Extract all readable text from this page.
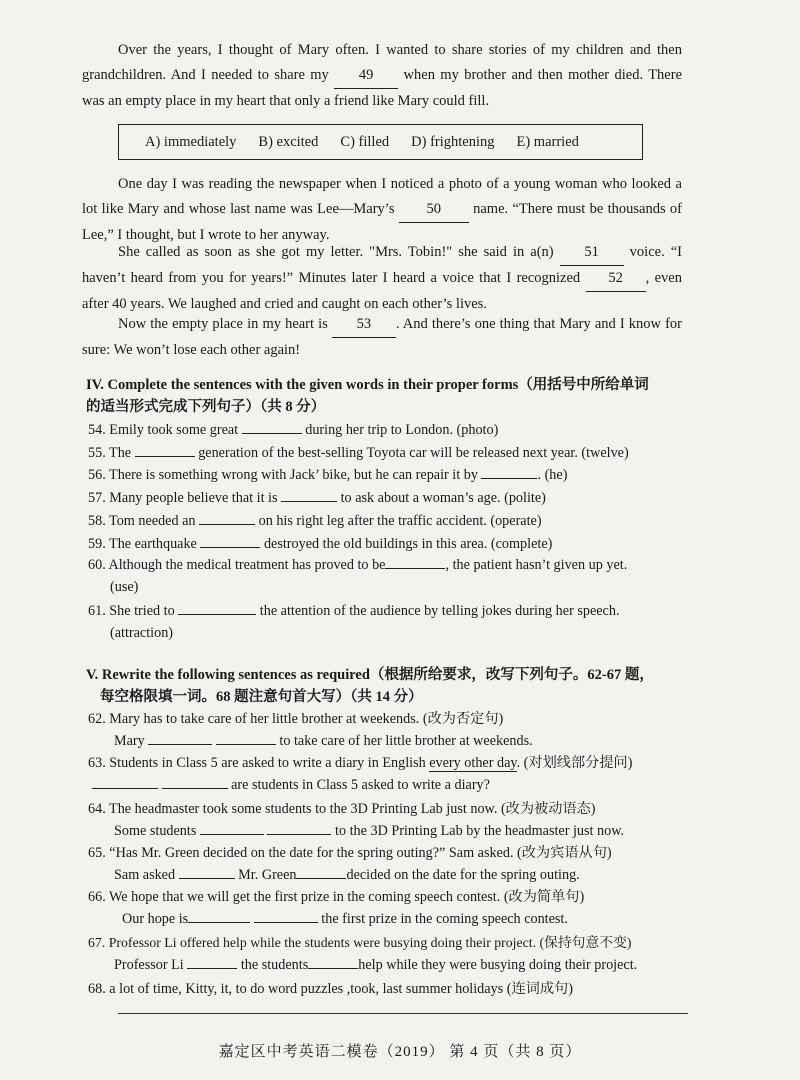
Over the years, I thought of Mary often. I wanted to share stories of my children and then grandchildren. And I needed to share my 49 when my brother and then mother died. There was an empty place in my heart that only a friend like Mary could fill.
A) immediately B) excited C) filled D) frightening E) married
One day I was reading the newspaper when I noticed a photo of a young woman who looked a lot like Mary and whose last name was Lee—Mary’s 50 name. “There must be thousands of Lee,” I thought, but I wrote to her anyway.
She called as soon as she got my letter. "Mrs. Tobin!" she said in a(n) 51 voice. “I haven’t heard from you for years!” Minutes later I heard a voice that I recognized 52 , even after 40 years. We laughed and cried and caught on each other’s lives.
Now the empty place in my heart is 53 . And there’s one thing that Mary and I know for sure: We won’t lose each other again!
IV. Complete the sentences with the given words in their proper forms（用括号中所给单词
的适当形式完成下列句子）（共 8 分）
54. Emily took some great	during her trip to London. (photo)
55. The	generation of the best-selling Toyota car will be released next year. (twelve)
56. There is something wrong with Jack’ bike, but he can repair it by	. (he)
57. Many people believe that it is	to ask about a woman’s age. (polite)
58. Tom needed an	on his right leg after the traffic accident. (operate)
59. The earthquake	destroyed the old buildings in this area. (complete)
60. Although the medical treatment has proved to be	, the patient hasn’t given up yet.
(use)
61. She tried to	the attention of the audience by telling jokes during her speech.
(attraction)
V. Rewrite the following sentences as required（根据所给要求，改写下列句子。62-67 题，
每空格限填一词。68 题注意句首大写）（共 14 分）
62. Mary has to take care of her little brother at weekends. (改为否定句)
Mary	to take care of her little brother at weekends.
63. Students in Class 5 are asked to write a diary in English every other day. (对划线部分提问)
are students in Class 5 asked to write a diary?
64. The headmaster took some students to the 3D Printing Lab just now. (改为被动语态)
Some students	to the 3D Printing Lab by the headmaster just now.
65. “Has Mr. Green decided on the date for the spring outing?” Sam asked. (改为宾语从句)
Sam asked	Mr. Green	decided on the date for the spring outing.
66. We hope that we will get the first prize in the coming speech contest. (改为简单句)
Our hope is	the first prize in the coming speech contest.
67. Professor Li offered help while the students were busying doing their project. (保持句意不变)
Professor Li	the students	help while they were busying doing their project.
68. a lot of time, Kitty, it, to do word puzzles ,took, last summer holidays (连词成句)
嘉定区中考英语二模卷（2019） 第 4 页（共 8 页）
